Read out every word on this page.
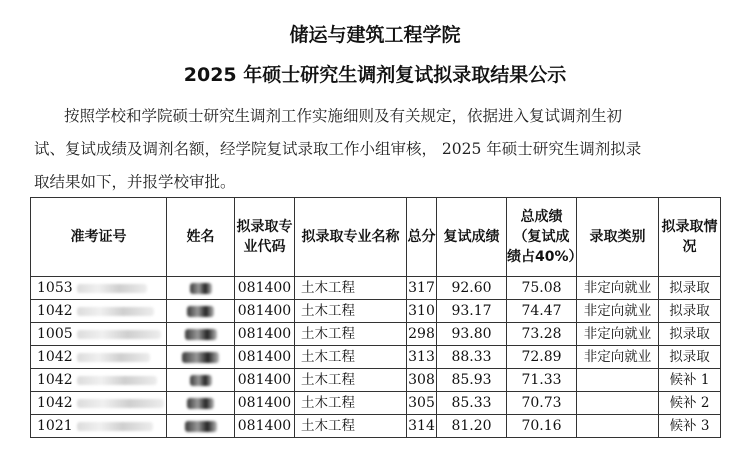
储运与建筑工程学院
2025 年硕士研究生调剂复试拟录取结果公示
按照学校和学院硕士研究生调剂工作实施细则及有关规定，依据进入复试调剂生初
试、复试成绩及调剂名额，经学院复试录取工作小组审核， 2025 年硕士研究生调剂拟录
取结果如下，并报学校审批。
准考证号	姓名	拟录取专业代码	拟录取专业名称	总分	复试成绩	总成绩（复试成绩占40%）	录取类别	拟录取情况
1053		081400	土木工程	317	92.60	75.08	非定向就业	拟录取
1042		081400	土木工程	310	93.17	74.47	非定向就业	拟录取
1005		081400	土木工程	298	93.80	73.28	非定向就业	拟录取
1042		081400	土木工程	313	88.33	72.89	非定向就业	拟录取
1042		081400	土木工程	308	85.93	71.33		候补 1
1042		081400	土木工程	305	85.33	70.73		候补 2
1021		081400	土木工程	314	81.20	70.16		候补 3
